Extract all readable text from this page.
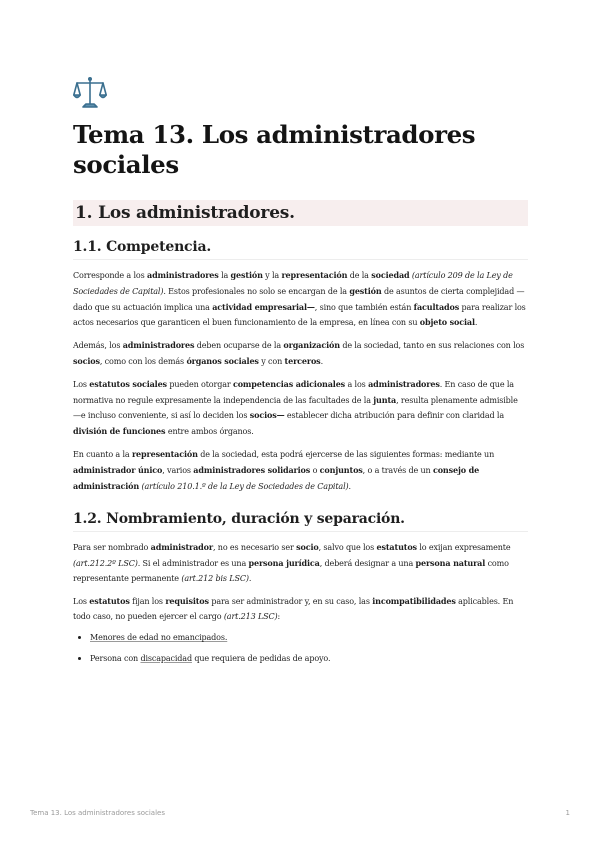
Tema 13. Los administradores sociales
1. Los administradores.
1.1. Competencia.

Corresponde a los administradores la gestión y la representación de la sociedad (artículo 209 de la Ley de Sociedades de Capital). Estos profesionales no solo se encargan de la gestión de asuntos de cierta complejidad —dado que su actuación implica una actividad empresarial—, sino que también están facultados para realizar los actos necesarios que garanticen el buen funcionamiento de la empresa, en línea con su objeto social.

Además, los administradores deben ocuparse de la organización de la sociedad, tanto en sus relaciones con los socios, como con los demás órganos sociales y con terceros.

Los estatutos sociales pueden otorgar competencias adicionales a los administradores. En caso de que la normativa no regule expresamente la independencia de las facultades de la junta, resulta plenamente admisible —e incluso conveniente, si así lo deciden los socios— establecer dicha atribución para definir con claridad la división de funciones entre ambos órganos.

En cuanto a la representación de la sociedad, esta podrá ejercerse de las siguientes formas: mediante un administrador único, varios administradores solidarios o conjuntos, o a través de un consejo de administración (artículo 210.1.º de la Ley de Sociedades de Capital).

1.2. Nombramiento, duración y separación.

Para ser nombrado administrador, no es necesario ser socio, salvo que los estatutos lo exijan expresamente (art.212.2º LSC). Si el administrador es una persona jurídica, deberá designar a una persona natural como representante permanente (art.212 bis LSC).

Los estatutos fijan los requisitos para ser administrador y, en su caso, las incompatibilidades aplicables. En todo caso, no pueden ejercer el cargo (art.213 LSC):

• Menores de edad no emancipados.
• Persona con discapacidad que requiera de pedidas de apoyo.
Tema 13. Los administradores sociales	1
